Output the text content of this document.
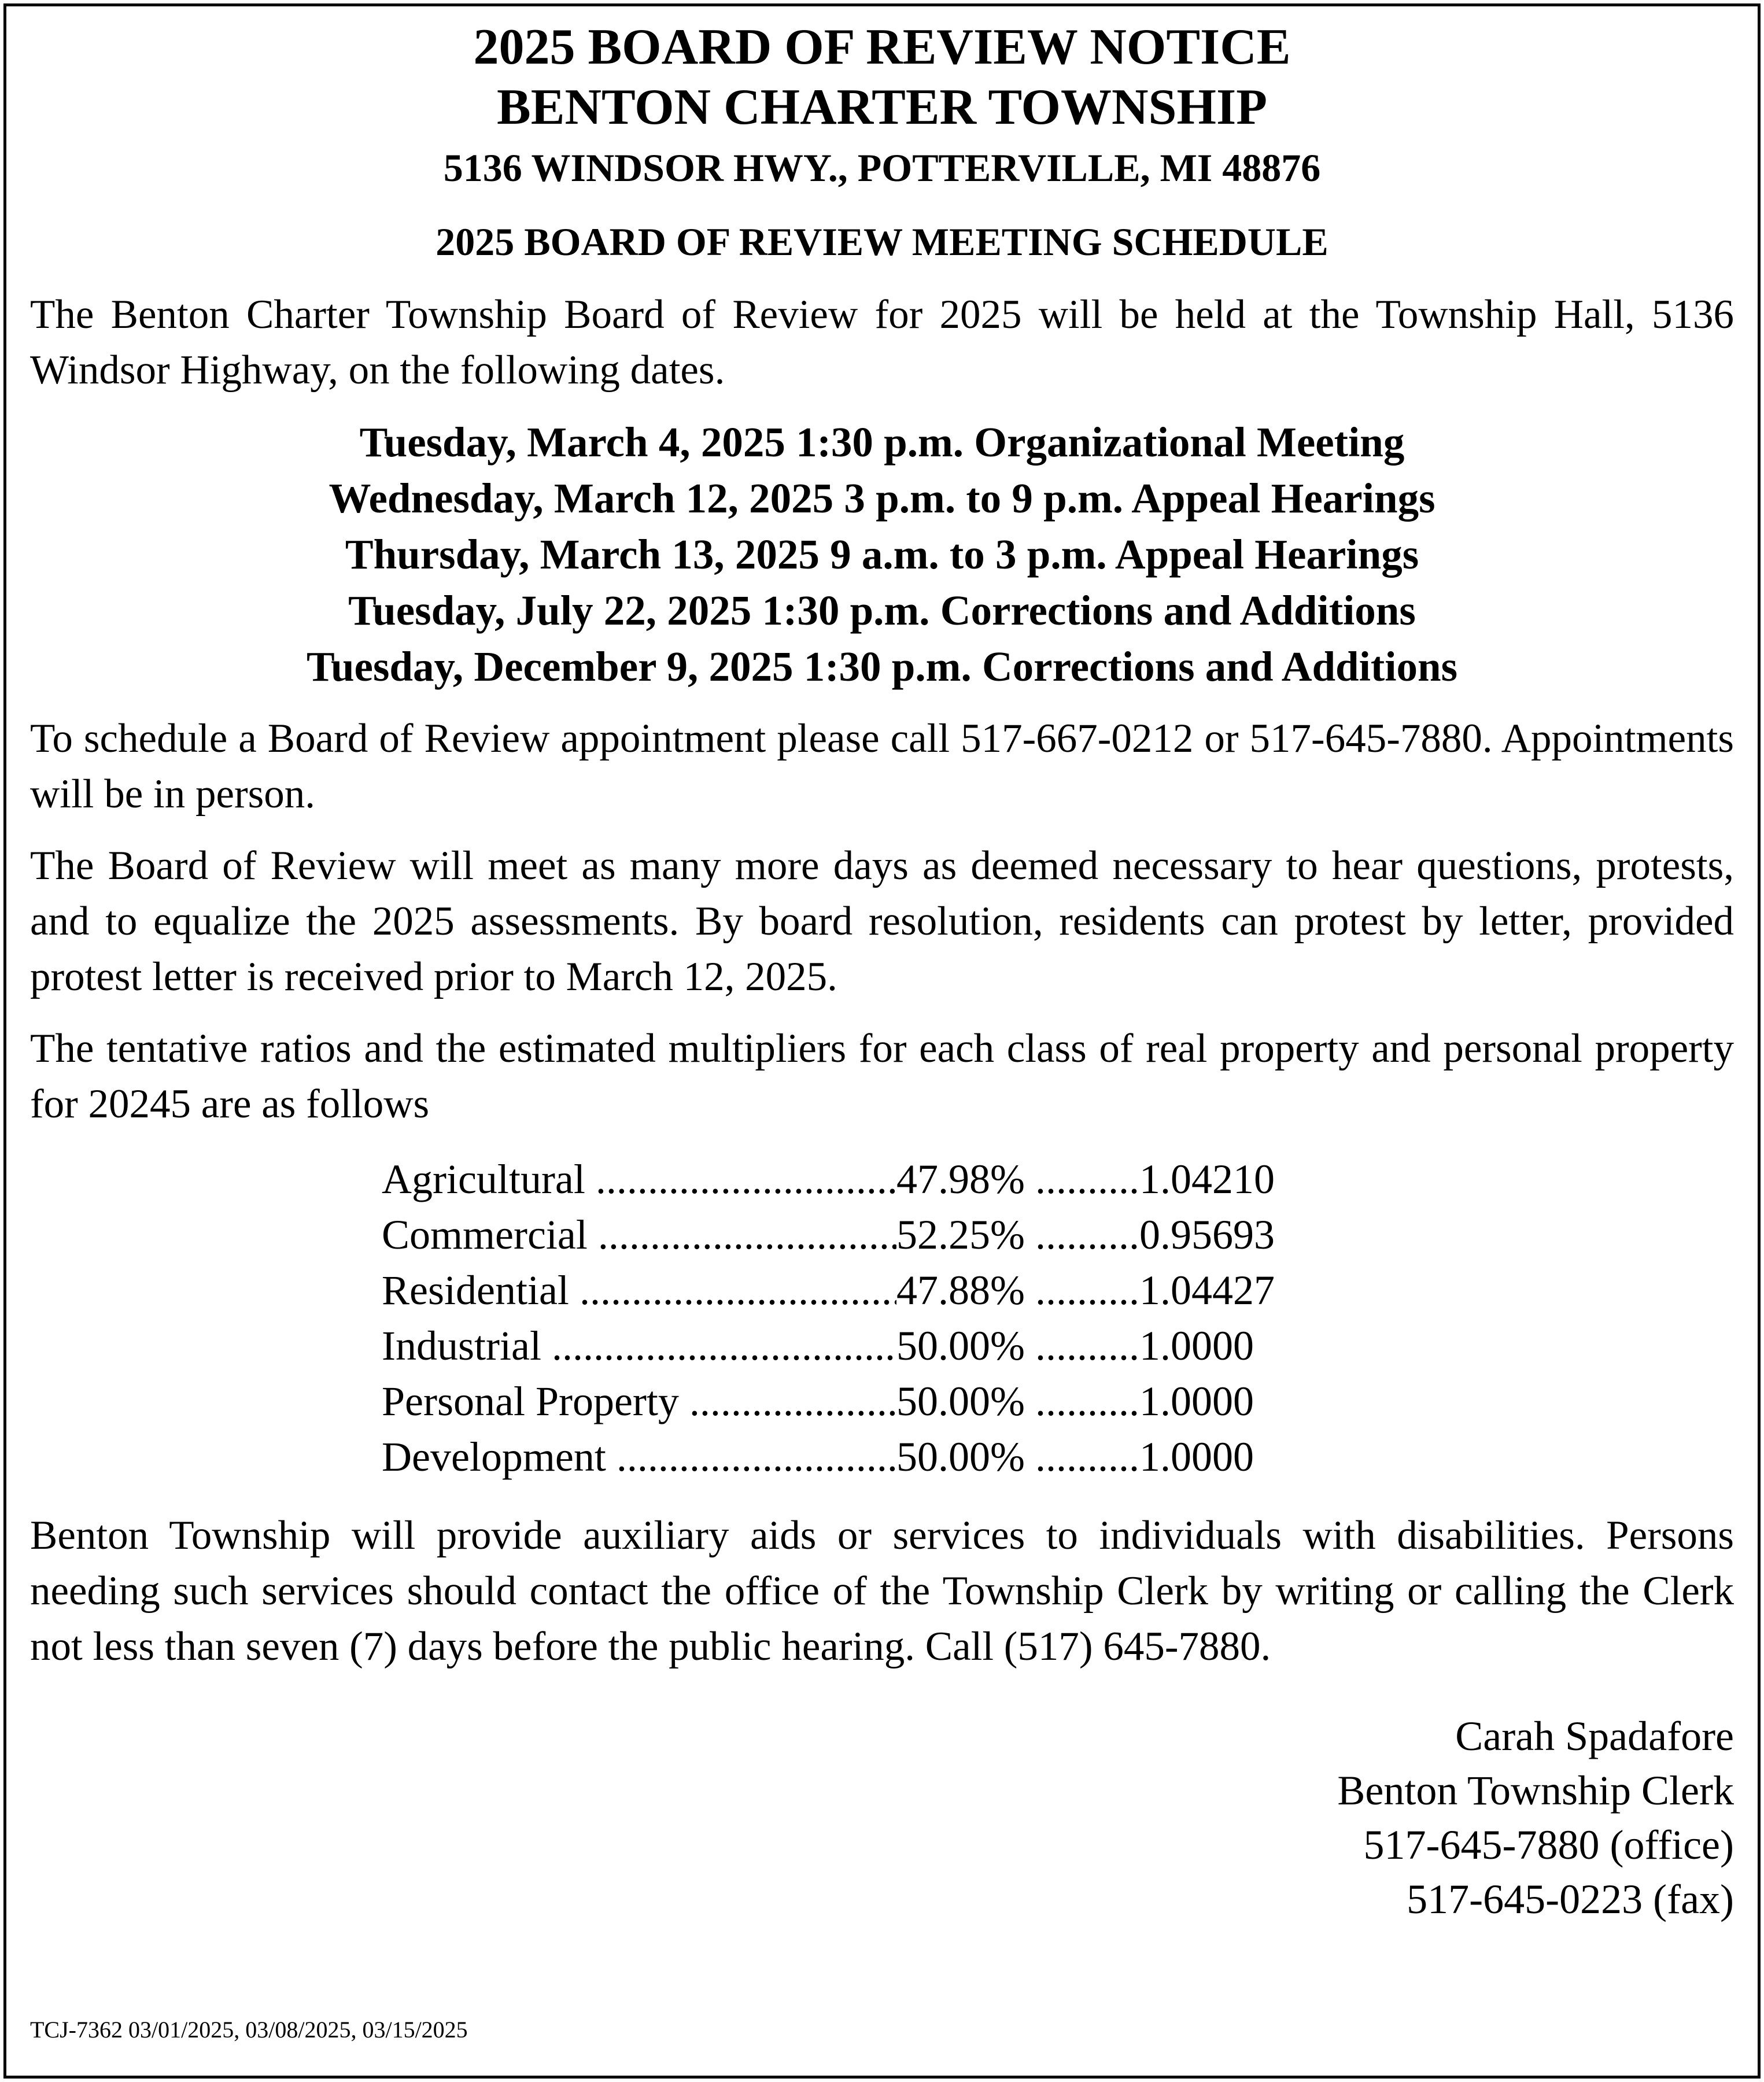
2025 BOARD OF REVIEW NOTICE

BENTON CHARTER TOWNSHIP

5136 WINDSOR HWY., POTTERVILLE, MI 48876

2025 BOARD OF REVIEW MEETING SCHEDULE

The Benton Charter Township Board of Review for 2025 will be held at the Township Hall, 5136 Windsor Highway, on the following dates.

Tuesday, March 4, 2025 1:30 p.m. Organizational Meeting

Wednesday, March 12, 2025 3 p.m. to 9 p.m. Appeal Hearings

Thursday, March 13, 2025 9 a.m. to 3 p.m. Appeal Hearings

Tuesday, July 22, 2025 1:30 p.m. Corrections and Additions

Tuesday, December 9, 2025 1:30 p.m. Corrections and Additions

To schedule a Board of Review appointment please call 517-667-0212 or 517-645-7880. Appointments will be in person.

The Board of Review will meet as many more days as deemed necessary to hear questions, protests, and to equalize the 2025 assessments. By board resolution, residents can protest by letter, provided protest letter is received prior to March 12, 2025.

The tentative ratios and the estimated multipliers for each class of real property and personal property for 20245 are as follows

Agricultural .....	47.98% .....	1.04210
Commercial .....	52.25% .....	0.95693
Residential .....	47.88% .....	1.04427
Industrial .....	50.00% .....	1.0000
Personal Property .....	50.00% .....	1.0000
Development .....	50.00% .....	1.0000

Benton Township will provide auxiliary aids or services to individuals with disabilities. Persons needing such services should contact the office of the Township Clerk by writing or calling the Clerk not less than seven (7) days before the public hearing. Call (517) 645-7880.

Carah Spadafore

Benton Township Clerk

517-645-7880 (office)

517-645-0223 (fax)

TCJ-7362 03/01/2025, 03/08/2025, 03/15/2025
